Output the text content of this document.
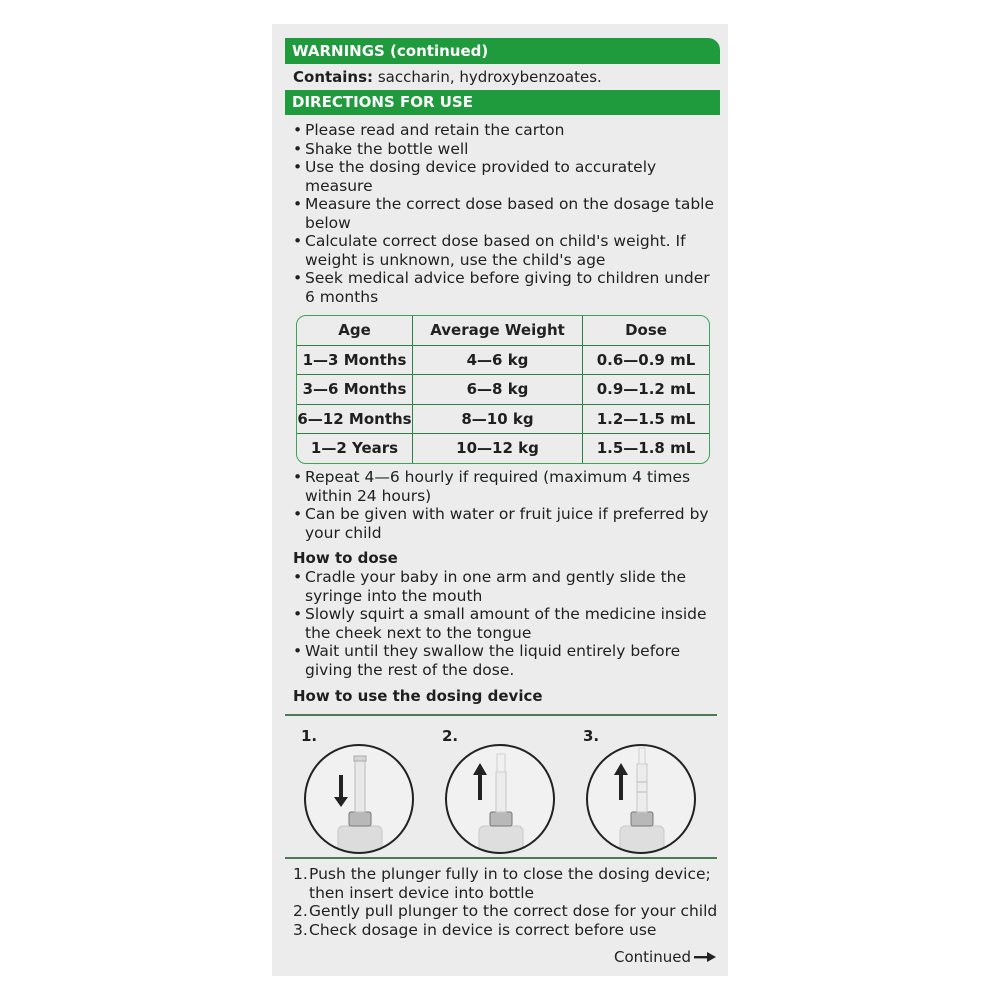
WARNINGS (continued)
Contains: saccharin, hydroxybenzoates.
DIRECTIONS FOR USE
• Please read and retain the carton
• Shake the bottle well
• Use the dosing device provided to accurately measure
• Measure the correct dose based on the dosage table below
• Calculate correct dose based on child's weight. If weight is unknown, use the child's age
• Seek medical advice before giving to children under 6 months
Age	Average Weight	Dose
1—3 Months	4—6 kg	0.6—0.9 mL
3—6 Months	6—8 kg	0.9—1.2 mL
6—12 Months	8—10 kg	1.2—1.5 mL
1—2 Years	10—12 kg	1.5—1.8 mL
• Repeat 4—6 hourly if required (maximum 4 times within 24 hours)
• Can be given with water or fruit juice if preferred by your child
How to dose
• Cradle your baby in one arm and gently slide the syringe into the mouth
• Slowly squirt a small amount of the medicine inside the cheek next to the tongue
• Wait until they swallow the liquid entirely before giving the rest of the dose.
How to use the dosing device
1.	2.	3.
1.Push the plunger fully in to close the dosing device; then insert device into bottle
2.Gently pull plunger to the correct dose for your child
3.Check dosage in device is correct before use
Continued
